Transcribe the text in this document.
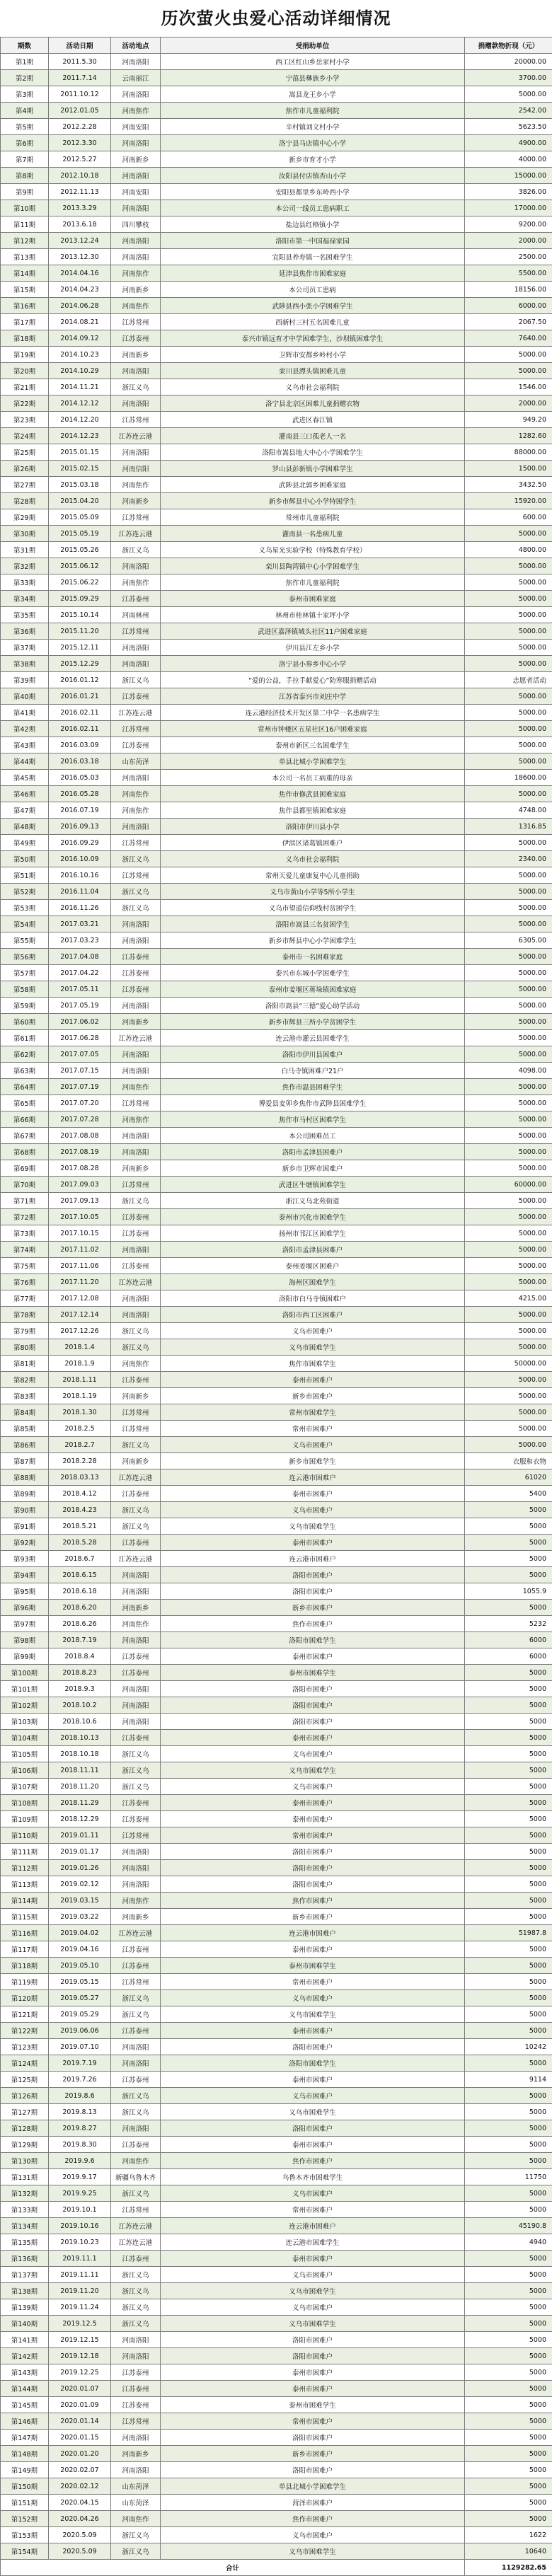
历次萤火虫爱心活动详细情况
期数	活动日期	活动地点	受捐助单位	捐赠款物折现（元）
第1期	2011.5.30	河南洛阳	西工区红山乡岳家村小学	20000.00
第2期	2011.7.14	云南丽江	宁蒗县彝族乡小学	3700.00
第3期	2011.10.12	河南洛阳	嵩县龙王乡小学	5000.00
第4期	2012.01.05	河南焦作	焦作市儿童福利院	2542.00
第5期	2012.2.28	河南安阳	辛村镇刘文村小学	5623.50
第6期	2012.3.30	河南洛阳	洛宁县马店镇中心小学	4900.00
第7期	2012.5.27	河南新乡	新乡市育才小学	4000.00
第8期	2012.10.18	河南洛阳	汝阳县付店镇杏山小学	15000.00
第9期	2012.11.13	河南安阳	安阳县都里乡东岭西小学	3826.00
第10期	2013.3.29	河南洛阳	本公司一线员工患病职工	17000.00
第11期	2013.6.18	四川攀枝	盐边县红格镇小学	9200.00
第12期	2013.12.24	河南洛阳	洛阳市第一中国福禄家园	2000.00
第13期	2013.12.30	河南洛阳	宜阳县养寿镇一名困难学生	2500.00
第14期	2014.04.16	河南焦作	延津县焦作市困难家庭	5500.00
第15期	2014.04.23	河南新乡	本公司员工患病	18156.00
第16期	2014.06.28	河南焦作	武陟县西小张小学困难学生	6000.00
第17期	2014.08.21	江苏常州	西新村三村五名困难儿童	2067.50
第18期	2014.09.12	江苏泰州	泰兴市镇远育才中学困难学生，沙坝镇困难学生	7640.00
第19期	2014.10.23	河南新乡	卫辉市安都乡岭村小学	5000.00
第20期	2014.10.29	河南洛阳	栾川县潭头镇困难儿童	5000.00
第21期	2014.11.21	浙江义乌	义乌市社会福利院	1546.00
第22期	2014.12.12	河南洛阳	洛宁县北京区困难儿童捐赠衣物	2000.00
第23期	2014.12.20	江苏常州	武进区春江镇	949.20
第24期	2014.12.23	江苏连云港	灌南县三口孤老人一名	1282.60
第25期	2015.01.15	河南洛阳	洛阳市嵩县地大中心小学困难学生	88000.00
第26期	2015.02.15	河南信阳	罗山县彭新镇小学困难学生	1500.00
第27期	2015.03.18	河南焦作	武陟县北郭乡困难家庭	3432.50
第28期	2015.04.20	河南新乡	新乡市辉县中心小学特困学生	15920.00
第29期	2015.05.09	江苏常州	常州市儿童福利院	600.00
第30期	2015.05.19	江苏连云港	灌南县一名患病儿童	5000.00
第31期	2015.05.26	浙江义乌	义乌星光实验学校（特殊教育学校）	4800.00
第32期	2015.06.12	河南洛阳	栾川县陶湾镇中心小学困难学生	5000.00
第33期	2015.06.22	河南焦作	焦作市儿童福利院	5000.00
第34期	2015.09.29	江苏泰州	泰州市困难家庭	5000.00
第35期	2015.10.14	河南林州	林州市桂林镇十家坪小学	5000.00
第36期	2015.11.20	江苏常州	武进区嘉泽镇城头社区11户困难家庭	5000.00
第37期	2015.12.11	河南洛阳	伊川县江左乡小学	5000.00
第38期	2015.12.29	河南洛阳	洛宁县小界乡中心小学	5000.00
第39期	2016.01.12	浙江义乌	“爱的公益，手拉手献爱心”防寒服捐赠活动	志愿者活动
第40期	2016.01.21	江苏泰州	江苏省泰兴市刘庄中学	5000.00
第41期	2016.02.11	江苏连云港	连云港经济技术开发区第二中学一名患病学生	5000.00
第42期	2016.02.11	江苏常州	常州市钟楼区五星社区16户困难家庭	5000.00
第43期	2016.03.09	江苏泰州	泰州市新区三名困难学生	5000.00
第44期	2016.03.18	山东菏泽	单县北城小学困难学生	5000.00
第45期	2016.05.03	河南洛阳	本公司一名员工病重的母亲	18600.00
第46期	2016.05.28	河南焦作	焦作市修武县困难家庭	5000.00
第47期	2016.07.19	河南焦作	焦作县都里镇困难家庭	4748.00
第48期	2016.09.13	河南洛阳	洛阳市伊川县小学	1316.85
第49期	2016.09.29	江苏常州	伊滨区诸葛镇困难户	5000.00
第50期	2016.10.09	浙江义乌	义乌市社会福利院	2340.00
第51期	2016.10.16	江苏常州	常州天爱儿童康复中心儿童捐助	5000.00
第52期	2016.11.04	浙江义乌	义乌市黄山小学等5所小学生	5000.00
第53期	2016.11.26	浙江义乌	义乌市望道信仰线村贫困学生	5000.00
第54期	2017.03.21	河南洛阳	洛阳市嵩县三名贫困学生	5000.00
第55期	2017.03.23	河南洛阳	新乡市辉县中心小学困难学生	6305.00
第56期	2017.04.08	江苏泰州	泰州市一名困难家庭	5000.00
第57期	2017.04.22	江苏泰州	泰兴市东城小学困难学生	5000.00
第58期	2017.05.11	江苏泰州	泰州市姜堰区蒋垛镇困难家庭	5000.00
第59期	2017.05.19	河南洛阳	洛阳市嵩县“三德”爱心助学活动	5000.00
第60期	2017.06.02	河南新乡	新乡市辉县三所小学贫困学生	5000.00
第61期	2017.06.28	江苏连云港	连云港市灌云县困难学生	5000.00
第62期	2017.07.05	河南洛阳	洛阳市伊川县困难户	5000.00
第63期	2017.07.15	河南洛阳	白马寺镇困难户21户	4098.00
第64期	2017.07.19	河南焦作	焦作市温县困难学生	5000.00
第65期	2017.07.20	江苏常州	博爱县麦卯乡焦作市武陟县困难学生	5000.00
第66期	2017.07.28	河南焦作	焦作市马村区困难学生	5000.00
第67期	2017.08.08	河南洛阳	本公司困难员工	5000.00
第68期	2017.08.19	河南洛阳	洛阳市孟津县困难户	5000.00
第69期	2017.08.28	河南新乡	新乡市卫辉市困难户	5000.00
第70期	2017.09.03	江苏常州	武进区牛塘镇困难学生	60000.00
第71期	2017.09.13	浙江义乌	浙江义乌北苑街道	5000.00
第72期	2017.10.05	江苏泰州	泰州市兴化市困难学生	5000.00
第73期	2017.10.15	江苏泰州	扬州市邗江区困难学生	5000.00
第74期	2017.11.02	河南洛阳	洛阳市孟津县困难户	5000.00
第75期	2017.11.06	江苏泰州	泰州姜堰区困难户	5000.00
第76期	2017.11.20	江苏连云港	海州区困难学生	5000.00
第77期	2017.12.08	河南洛阳	洛阳市白马寺镇困难户	4215.00
第78期	2017.12.14	河南洛阳	洛阳市西工区困难户	5000.00
第79期	2017.12.26	浙江义乌	义乌市困难户	5000.00
第80期	2018.1.4	浙江义乌	义乌市困难学生	5000.00
第81期	2018.1.9	河南焦作	焦作市困难学生	50000.00
第82期	2018.1.11	江苏泰州	泰州市困难户	5000.00
第83期	2018.1.19	河南新乡	新乡市困难户	5000.00
第84期	2018.1.30	江苏常州	常州市困难学生	5000.00
第85期	2018.2.5	江苏常州	常州市困难户	5000.00
第86期	2018.2.7	浙江义乌	义乌市困难户	5000.00
第87期	2018.2.28	河南新乡	新乡市困难学生	衣服和衣物
第88期	2018.03.13	江苏连云港	连云港市困难户	61020
第89期	2018.4.12	江苏泰州	泰州市困难户	5400
第90期	2018.4.23	浙江义乌	义乌市困难户	5000
第91期	2018.5.21	浙江义乌	义乌市困难学生	5000
第92期	2018.5.28	江苏泰州	泰州市困难户	5000
第93期	2018.6.7	江苏连云港	连云港市困难户	5000
第94期	2018.6.15	河南洛阳	洛阳市困难户	5000
第95期	2018.6.18	河南洛阳	洛阳市困难户	1055.9
第96期	2018.6.20	河南新乡	新乡市困难户	5000
第97期	2018.6.26	河南焦作	焦作市困难户	5232
第98期	2018.7.19	河南洛阳	洛阳市困难学生	6000
第99期	2018.8.4	江苏泰州	泰州市困难户	6000
第100期	2018.8.23	江苏泰州	泰州市困难学生	5000
第101期	2018.9.3	河南洛阳	洛阳市困难户	5000
第102期	2018.10.2	河南洛阳	洛阳市困难户	5000
第103期	2018.10.6	河南洛阳	洛阳市困难户	5000
第104期	2018.10.13	江苏泰州	泰州市困难户	5000
第105期	2018.10.18	浙江义乌	义乌市困难户	5000
第106期	2018.11.11	浙江义乌	义乌市困难学生	5000
第107期	2018.11.20	浙江义乌	义乌市困难户	5000
第108期	2018.11.29	江苏泰州	泰州市困难户	5000
第109期	2018.12.29	江苏泰州	泰州市困难户	5000
第110期	2019.01.11	江苏常州	常州市困难户	5000
第111期	2019.01.17	河南洛阳	洛阳市困难户	5000
第112期	2019.01.26	河南洛阳	洛阳市困难户	5000
第113期	2019.02.12	河南洛阳	洛阳市困难户	5000
第114期	2019.03.15	河南焦作	焦作市困难户	5000
第115期	2019.03.22	河南新乡	新乡市困难户	5000
第116期	2019.04.02	江苏连云港	连云港市困难户	51987.8
第117期	2019.04.16	江苏泰州	泰州市困难户	5000
第118期	2019.05.10	江苏泰州	泰州市困难学生	5000
第119期	2019.05.15	江苏常州	常州市困难户	5000
第120期	2019.05.27	浙江义乌	义乌市困难户	5000
第121期	2019.05.29	浙江义乌	义乌市困难学生	5000
第122期	2019.06.06	江苏泰州	泰州市困难户	5000
第123期	2019.07.10	河南洛阳	洛阳市困难户	10242
第124期	2019.7.19	河南洛阳	洛阳市困难学生	5000
第125期	2019.7.26	江苏泰州	泰州市困难户	9114
第126期	2019.8.6	浙江义乌	义乌市困难户	5000
第127期	2019.8.13	浙江义乌	义乌市困难学生	5000
第128期	2019.8.27	河南洛阳	洛阳市困难户	5000
第129期	2019.8.30	江苏泰州	泰州市困难户	5000
第130期	2019.9.6	河南焦作	焦作市困难户	5000
第131期	2019.9.17	新疆乌鲁木齐	乌鲁木齐市困难学生	11750
第132期	2019.9.25	浙江义乌	义乌市困难户	5000
第133期	2019.10.1	江苏常州	常州市困难户	5000
第134期	2019.10.16	江苏连云港	连云港市困难户	45190.8
第135期	2019.10.23	江苏连云港	连云港市困难学生	4940
第136期	2019.11.1	江苏泰州	泰州市困难户	5000
第137期	2019.11.11	浙江义乌	义乌市困难户	5000
第138期	2019.11.20	浙江义乌	义乌市困难学生	5000
第139期	2019.11.24	浙江义乌	义乌市困难户	5000
第140期	2019.12.5	浙江义乌	义乌市困难学生	5000
第141期	2019.12.15	河南洛阳	洛阳市困难户	5000
第142期	2019.12.18	河南洛阳	洛阳市困难户	5000
第143期	2019.12.25	江苏泰州	泰州市困难户	5000
第144期	2020.01.07	江苏泰州	泰州市困难户	5000
第145期	2020.01.09	江苏泰州	泰州市困难学生	5000
第146期	2020.01.14	江苏常州	常州市困难户	5000
第147期	2020.01.15	河南洛阳	洛阳市困难户	5000
第148期	2020.01.20	河南新乡	新乡市困难户	5000
第149期	2020.02.07	河南洛阳	洛阳市困难户	5000
第150期	2020.02.12	山东菏泽	单县北城小学困难学生	5000
第151期	2020.04.15	山东菏泽	菏泽市困难户	5000
第152期	2020.04.26	河南焦作	焦作市困难户	5000
第153期	2020.5.09	浙江义乌	义乌市困难户	1622
第154期	2020.5.09	浙江义乌	义乌市困难学生	10640
合计				1129282.65
